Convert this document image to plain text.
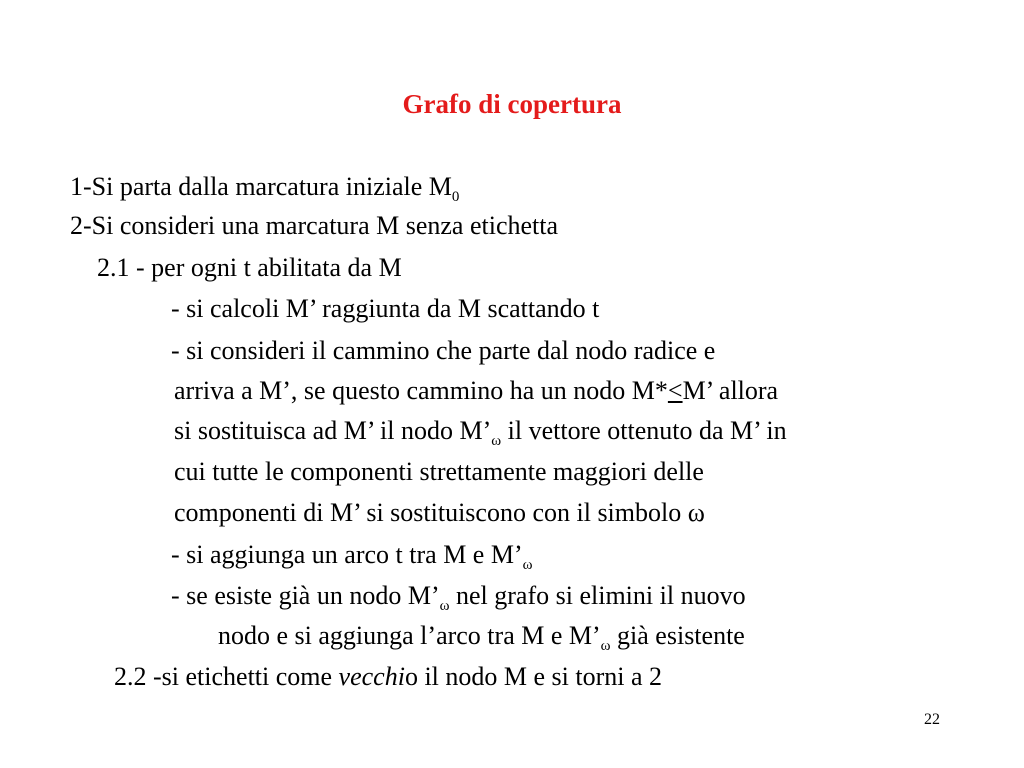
Grafo di copertura
1-Si parta dalla marcatura iniziale $M_0$
2-Si consideri una marcatura M senza etichetta
2.1 - per ogni t abilitata da M
- si calcoli M’ raggiunta da M scattando t
- si consideri il cammino che parte dal nodo radice e
arriva a M’, se questo cammino ha un nodo M*<M’ allora
si sostituisca ad M’ il nodo $M’_\omega$ il vettore ottenuto da M’ in
cui tutte le componenti strettamente maggiori delle
componenti di M’ si sostituiscono con il simbolo ω
- si aggiunga un arco t tra M e $M’_\omega$
- se esiste già un nodo $M’_\omega$ nel grafo si elimini il nuovo
nodo e si aggiunga l’arco tra M e $M’_\omega$ già esistente
2.2 -si etichetti come vecchio il nodo M e si torni a 2
22
